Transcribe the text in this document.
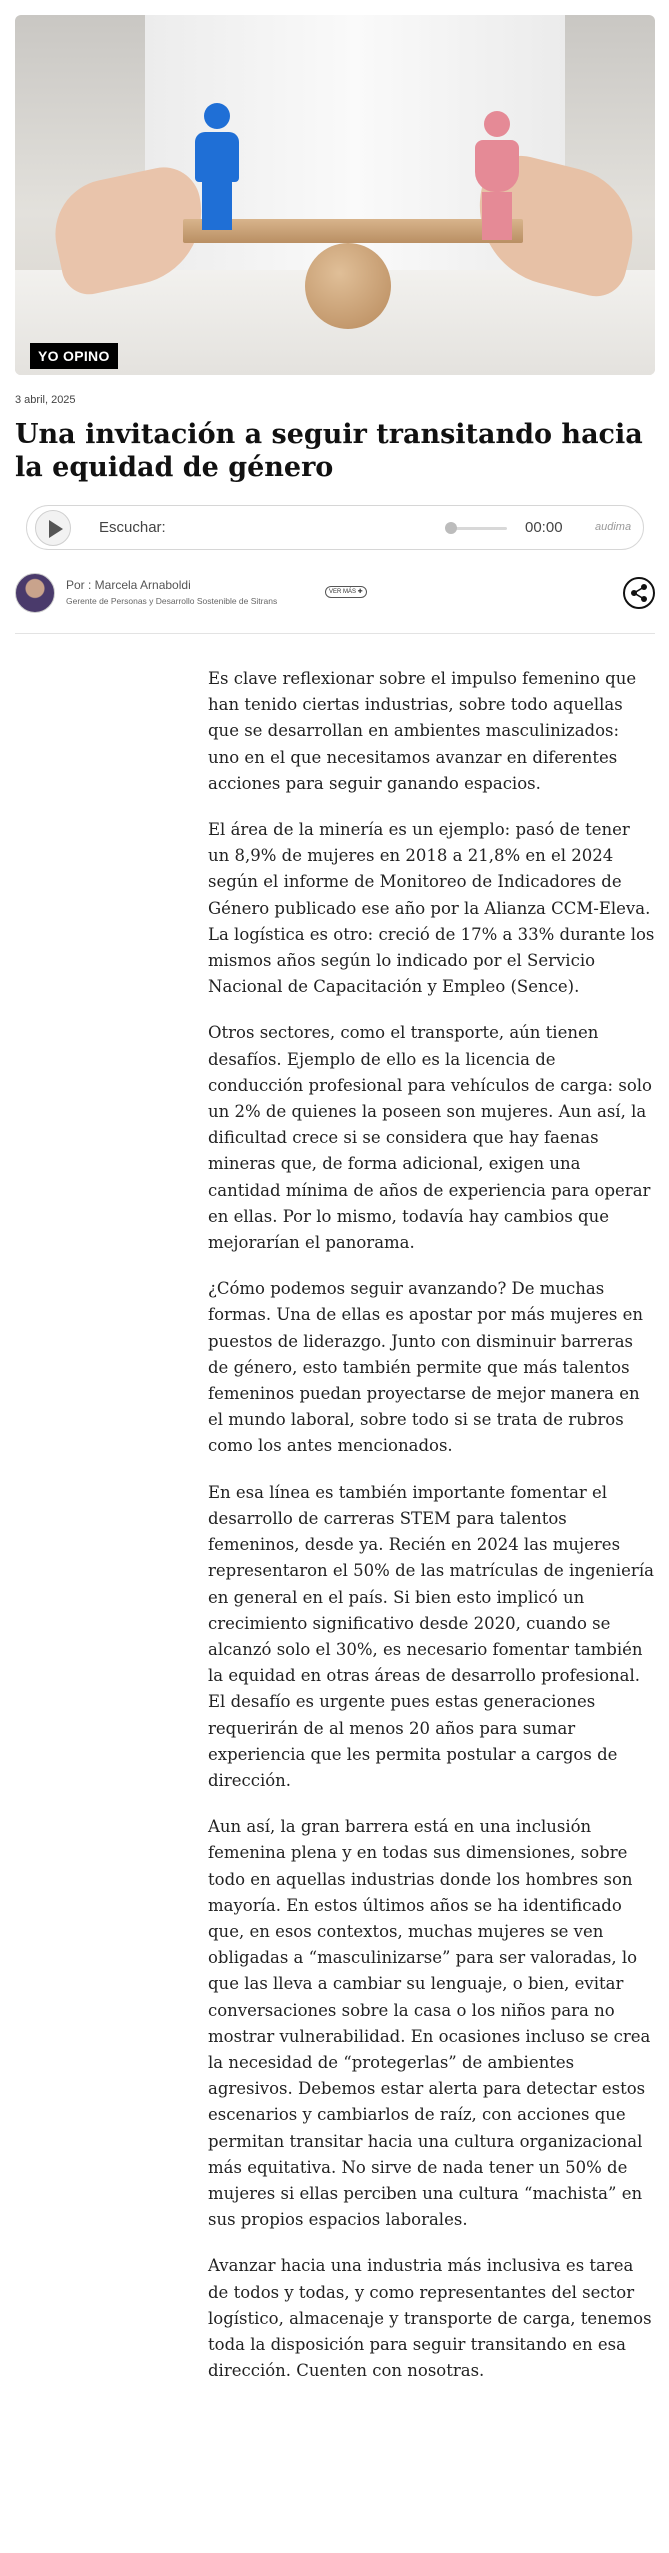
YO OPINO
3 abril, 2025
Una invitación a seguir transitando hacia la equidad de género
Escuchar:	00:00	audima
Por : Marcela Arnaboldi
Gerente de Personas y Desarrollo Sostenible de Sitrans
VER MÁS ✚

Es clave reflexionar sobre el impulso femenino que han tenido ciertas industrias, sobre todo aquellas que se desarrollan en ambientes masculinizados: uno en el que necesitamos avanzar en diferentes acciones para seguir ganando espacios.

El área de la minería es un ejemplo: pasó de tener un 8,9% de mujeres en 2018 a 21,8% en el 2024 según el informe de Monitoreo de Indicadores de Género publicado ese año por la Alianza CCM-Eleva. La logística es otro: creció de 17% a 33% durante los mismos años según lo indicado por el Servicio Nacional de Capacitación y Empleo (Sence).

Otros sectores, como el transporte, aún tienen desafíos. Ejemplo de ello es la licencia de conducción profesional para vehículos de carga: solo un 2% de quienes la poseen son mujeres. Aun así, la dificultad crece si se considera que hay faenas mineras que, de forma adicional, exigen una cantidad mínima de años de experiencia para operar en ellas. Por lo mismo, todavía hay cambios que mejorarían el panorama.

¿Cómo podemos seguir avanzando? De muchas formas. Una de ellas es apostar por más mujeres en puestos de liderazgo. Junto con disminuir barreras de género, esto también permite que más talentos femeninos puedan proyectarse de mejor manera en el mundo laboral, sobre todo si se trata de rubros como los antes mencionados.

En esa línea es también importante fomentar el desarrollo de carreras STEM para talentos femeninos, desde ya. Recién en 2024 las mujeres representaron el 50% de las matrículas de ingeniería en general en el país. Si bien esto implicó un crecimiento significativo desde 2020, cuando se alcanzó solo el 30%, es necesario fomentar también la equidad en otras áreas de desarrollo profesional. El desafío es urgente pues estas generaciones requerirán de al menos 20 años para sumar experiencia que les permita postular a cargos de dirección.

Aun así, la gran barrera está en una inclusión femenina plena y en todas sus dimensiones, sobre todo en aquellas industrias donde los hombres son mayoría. En estos últimos años se ha identificado que, en esos contextos, muchas mujeres se ven obligadas a “masculinizarse” para ser valoradas, lo que las lleva a cambiar su lenguaje, o bien, evitar conversaciones sobre la casa o los niños para no mostrar vulnerabilidad. En ocasiones incluso se crea la necesidad de “protegerlas” de ambientes agresivos. Debemos estar alerta para detectar estos escenarios y cambiarlos de raíz, con acciones que permitan transitar hacia una cultura organizacional más equitativa. No sirve de nada tener un 50% de mujeres si ellas perciben una cultura “machista” en sus propios espacios laborales.

Avanzar hacia una industria más inclusiva es tarea de todos y todas, y como representantes del sector logístico, almacenaje y transporte de carga, tenemos toda la disposición para seguir transitando en esa dirección. Cuenten con nosotras.
